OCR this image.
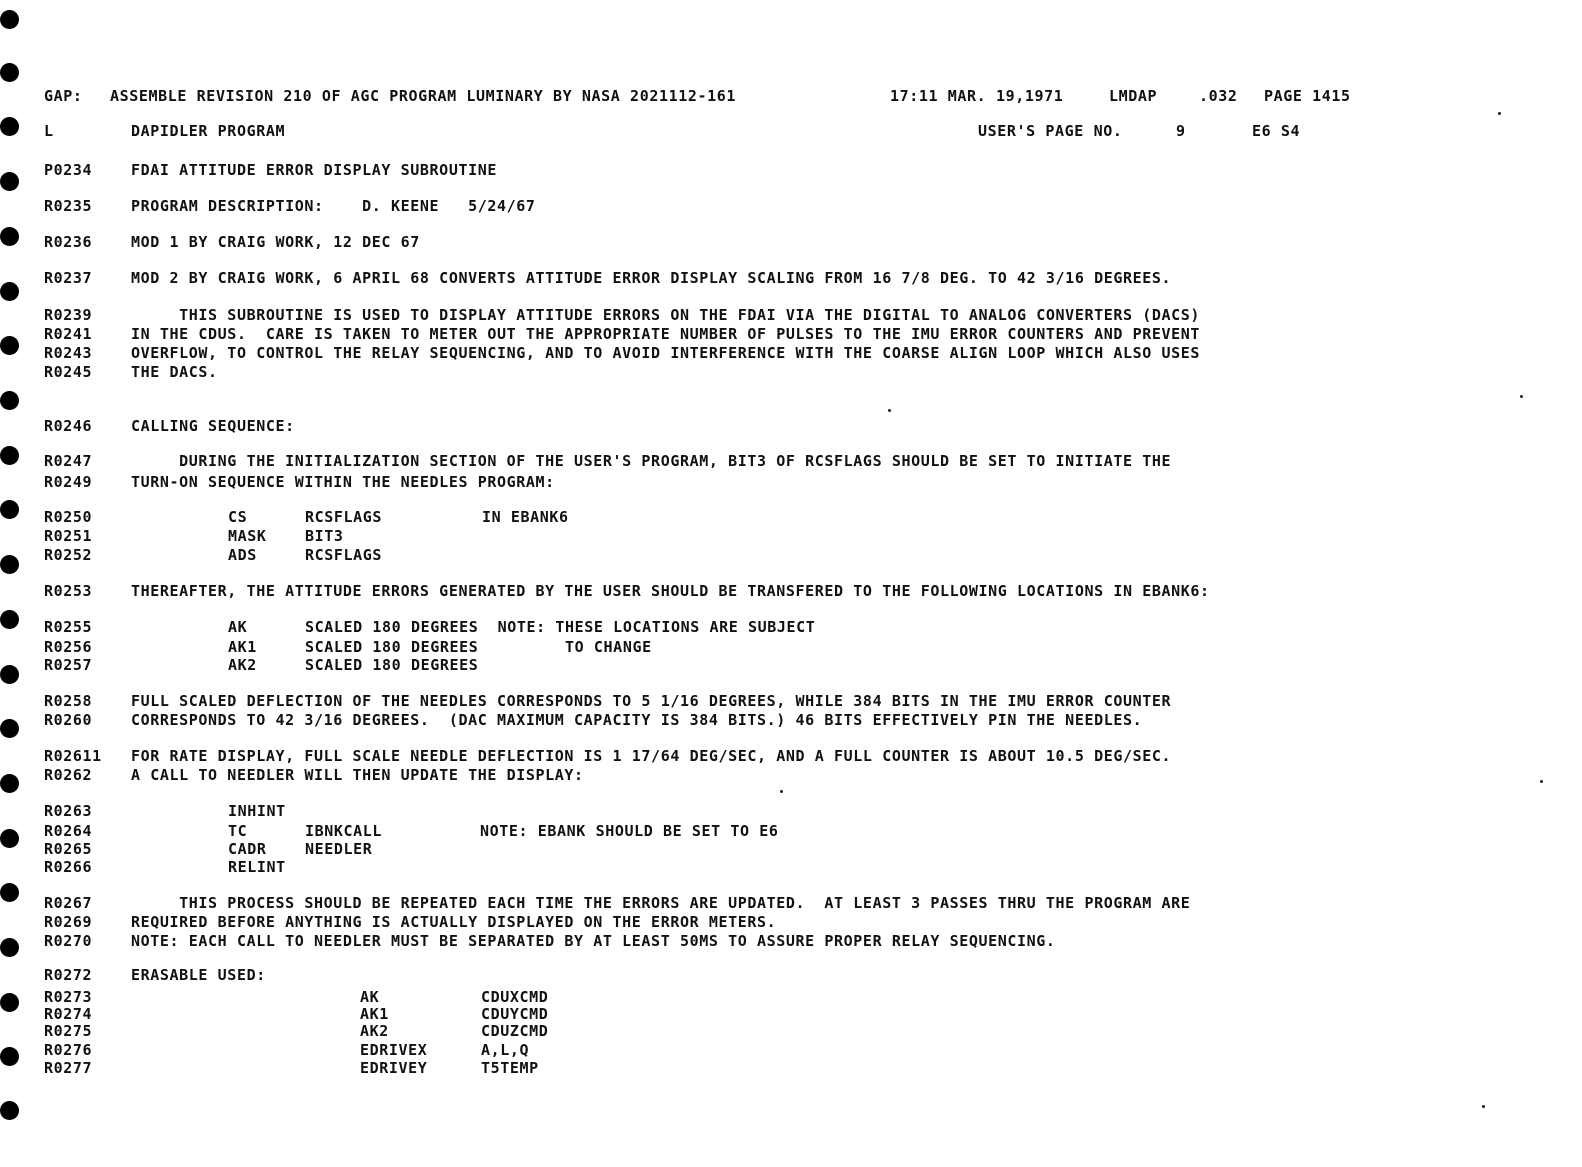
GAP:

ASSEMBLE REVISION 210 OF AGC PROGRAM LUMINARY BY NASA 2021112-161

	17:11 MAR. 19,1971

	LMDAP

	.032

PAGE 1415

L

	DAPIDLER PROGRAM

	USER'S PAGE NO.

	9

	E6 S4

P0234

	FDAI ATTITUDE ERROR DISPLAY SUBROUTINE

R0235

	PROGRAM DESCRIPTION:    D. KEENE   5/24/67

R0236

	MOD 1 BY CRAIG WORK, 12 DEC 67

R0237

	MOD 2 BY CRAIG WORK, 6 APRIL 68 CONVERTS ATTITUDE ERROR DISPLAY SCALING FROM 16 7/8 DEG. TO 42 3/16 DEGREES.

R0239

	THIS SUBROUTINE IS USED TO DISPLAY ATTITUDE ERRORS ON THE FDAI VIA THE DIGITAL TO ANALOG CONVERTERS (DACS)

R0241

	IN THE CDUS.  CARE IS TAKEN TO METER OUT THE APPROPRIATE NUMBER OF PULSES TO THE IMU ERROR COUNTERS AND PREVENT

R0243

	OVERFLOW, TO CONTROL THE RELAY SEQUENCING, AND TO AVOID INTERFERENCE WITH THE COARSE ALIGN LOOP WHICH ALSO USES

R0245

	THE DACS.

R0246

	CALLING SEQUENCE:

R0247

	DURING THE INITIALIZATION SECTION OF THE USER'S PROGRAM, BIT3 OF RCSFLAGS SHOULD BE SET TO INITIATE THE

R0249

	TURN-ON SEQUENCE WITHIN THE NEEDLES PROGRAM:

R0250

	CS

	RCSFLAGS

	IN EBANK6

R0251

	MASK

	BIT3

R0252

	ADS

	RCSFLAGS

R0253

	THEREAFTER, THE ATTITUDE ERRORS GENERATED BY THE USER SHOULD BE TRANSFERED TO THE FOLLOWING LOCATIONS IN EBANK6:

R0255

	AK

	SCALED 180 DEGREES  NOTE: THESE LOCATIONS ARE SUBJECT

R0256

	AK1

	SCALED 180 DEGREES         TO CHANGE

R0257

	AK2

	SCALED 180 DEGREES

R0258

	FULL SCALED DEFLECTION OF THE NEEDLES CORRESPONDS TO 5 1/16 DEGREES, WHILE 384 BITS IN THE IMU ERROR COUNTER

R0260

	CORRESPONDS TO 42 3/16 DEGREES.  (DAC MAXIMUM CAPACITY IS 384 BITS.) 46 BITS EFFECTIVELY PIN THE NEEDLES.

R02611

FOR RATE DISPLAY, FULL SCALE NEEDLE DEFLECTION IS 1 17/64 DEG/SEC, AND A FULL COUNTER IS ABOUT 10.5 DEG/SEC.

R0262

	A CALL TO NEEDLER WILL THEN UPDATE THE DISPLAY:

R0263

	INHINT

R0264

	TC

	IBNKCALL

	NOTE: EBANK SHOULD BE SET TO E6

R0265

	CADR

	NEEDLER

R0266

	RELINT

R0267

	THIS PROCESS SHOULD BE REPEATED EACH TIME THE ERRORS ARE UPDATED.  AT LEAST 3 PASSES THRU THE PROGRAM ARE

R0269

	REQUIRED BEFORE ANYTHING IS ACTUALLY DISPLAYED ON THE ERROR METERS.

R0270

	NOTE: EACH CALL TO NEEDLER MUST BE SEPARATED BY AT LEAST 50MS TO ASSURE PROPER RELAY SEQUENCING.

R0272

	ERASABLE USED:

R0273

	AK

	CDUXCMD

R0274

	AK1

	CDUYCMD

R0275

	AK2

	CDUZCMD

R0276

	EDRIVEX

	A,L,Q

R0277

	EDRIVEY

	T5TEMP
